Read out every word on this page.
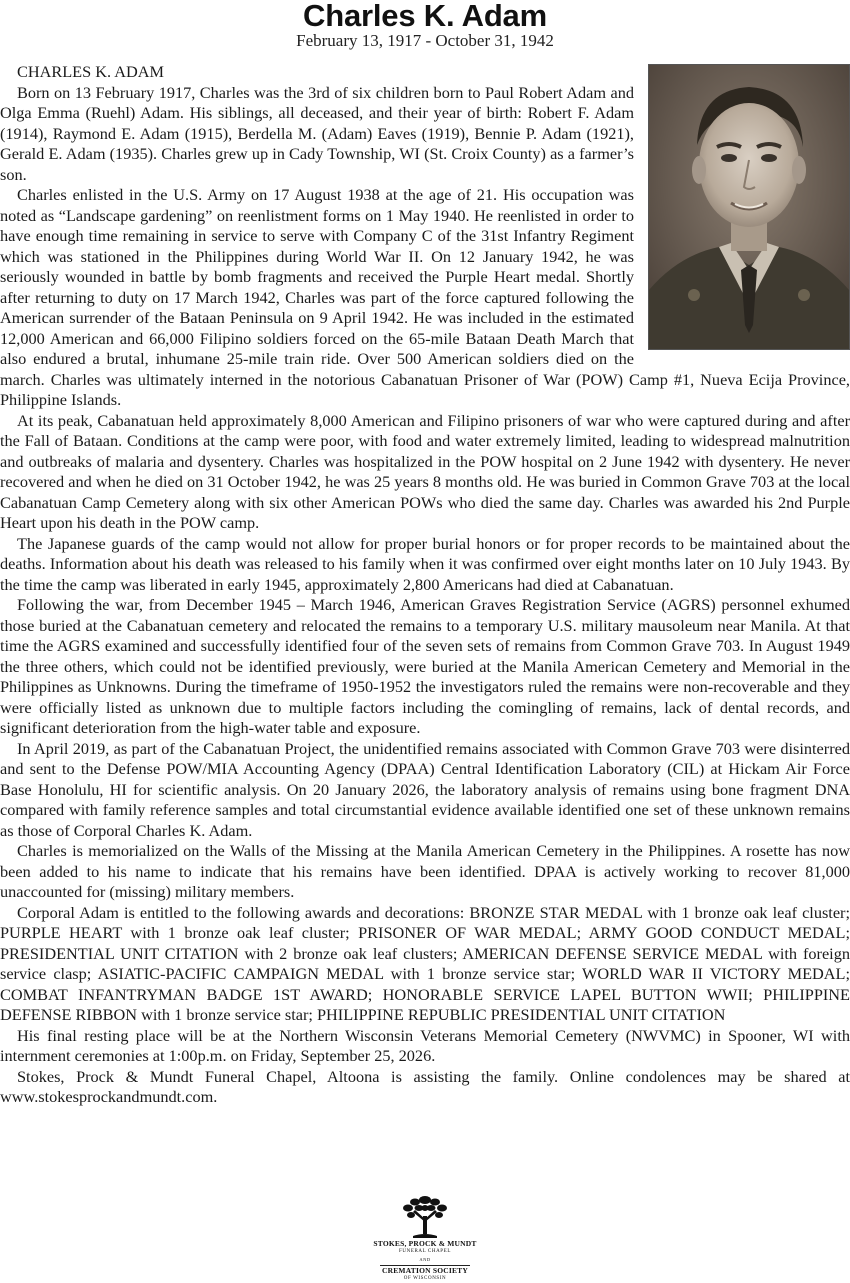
Charles K. Adam
February 13, 1917 - October 31, 1942

CHARLES K. ADAM

Born on 13 February 1917, Charles was the 3rd of six children born to Paul Robert Adam and Olga Emma (Ruehl) Adam. His siblings, all deceased, and their year of birth: Robert F. Adam (1914), Raymond E. Adam (1915), Berdella M. (Adam) Eaves (1919), Bennie P. Adam (1921), Gerald E. Adam (1935). Charles grew up in Cady Township, WI (St. Croix County) as a farmer’s son.

Charles enlisted in the U.S. Army on 17 August 1938 at the age of 21. His occupation was noted as “Landscape gardening” on reenlistment forms on 1 May 1940. He reenlisted in order to have enough time remaining in service to serve with Company C of the 31st Infantry Regiment which was stationed in the Philippines during World War II. On 12 January 1942, he was seriously wounded in battle by bomb fragments and received the Purple Heart medal. Shortly after returning to duty on 17 March 1942, Charles was part of the force captured following the American surrender of the Bataan Peninsula on 9 April 1942. He was included in the estimated 12,000 American and 66,000 Filipino soldiers forced on the 65-mile Bataan Death March that also endured a brutal, inhumane 25-mile train ride. Over 500 American soldiers died on the march. Charles was ultimately interned in the notorious Cabanatuan Prisoner of War (POW) Camp #1, Nueva Ecija Province, Philippine Islands.

At its peak, Cabanatuan held approximately 8,000 American and Filipino prisoners of war who were captured during and after the Fall of Bataan. Conditions at the camp were poor, with food and water extremely limited, leading to widespread malnutrition and outbreaks of malaria and dysentery. Charles was hospitalized in the POW hospital on 2 June 1942 with dysentery. He never recovered and when he died on 31 October 1942, he was 25 years 8 months old. He was buried in Common Grave 703 at the local Cabanatuan Camp Cemetery along with six other American POWs who died the same day. Charles was awarded his 2nd Purple Heart upon his death in the POW camp.

The Japanese guards of the camp would not allow for proper burial honors or for proper records to be maintained about the deaths. Information about his death was released to his family when it was confirmed over eight months later on 10 July 1943. By the time the camp was liberated in early 1945, approximately 2,800 Americans had died at Cabanatuan.

Following the war, from December 1945 – March 1946, American Graves Registration Service (AGRS) personnel exhumed those buried at the Cabanatuan cemetery and relocated the remains to a temporary U.S. military mausoleum near Manila. At that time the AGRS examined and successfully identified four of the seven sets of remains from Common Grave 703. In August 1949 the three others, which could not be identified previously, were buried at the Manila American Cemetery and Memorial in the Philippines as Unknowns. During the timeframe of 1950-1952 the investigators ruled the remains were non-recoverable and they were officially listed as unknown due to multiple factors including the comingling of remains, lack of dental records, and significant deterioration from the high-water table and exposure.

In April 2019, as part of the Cabanatuan Project, the unidentified remains associated with Common Grave 703 were disinterred and sent to the Defense POW/MIA Accounting Agency (DPAA) Central Identification Laboratory (CIL) at Hickam Air Force Base Honolulu, HI for scientific analysis. On 20 January 2026, the laboratory analysis of remains using bone fragment DNA compared with family reference samples and total circumstantial evidence available identified one set of these unknown remains as those of Corporal Charles K. Adam.

Charles is memorialized on the Walls of the Missing at the Manila American Cemetery in the Philippines. A rosette has now been added to his name to indicate that his remains have been identified. DPAA is actively working to recover 81,000 unaccounted for (missing) military members.

Corporal Adam is entitled to the following awards and decorations: BRONZE STAR MEDAL with 1 bronze oak leaf cluster; PURPLE HEART with 1 bronze oak leaf cluster; PRISONER OF WAR MEDAL; ARMY GOOD CONDUCT MEDAL; PRESIDENTIAL UNIT CITATION with 2 bronze oak leaf clusters; AMERICAN DEFENSE SERVICE MEDAL with foreign service clasp; ASIATIC-PACIFIC CAMPAIGN MEDAL with 1 bronze service star; WORLD WAR II VICTORY MEDAL; COMBAT INFANTRYMAN BADGE 1ST AWARD; HONORABLE SERVICE LAPEL BUTTON WWII; PHILIPPINE DEFENSE RIBBON with 1 bronze service star; PHILIPPINE REPUBLIC PRESIDENTIAL UNIT CITATION

His final resting place will be at the Northern Wisconsin Veterans Memorial Cemetery (NWVMC) in Spooner, WI with internment ceremonies at 1:00p.m. on Friday, September 25, 2026.

Stokes, Prock & Mundt Funeral Chapel, Altoona is assisting the family. Online condolences may be shared at www.stokesprockandmundt.com.

STOKES, PROCK & MUNDT
FUNERAL CHAPEL
AND
CREMATION SOCIETY
OF WISCONSIN
